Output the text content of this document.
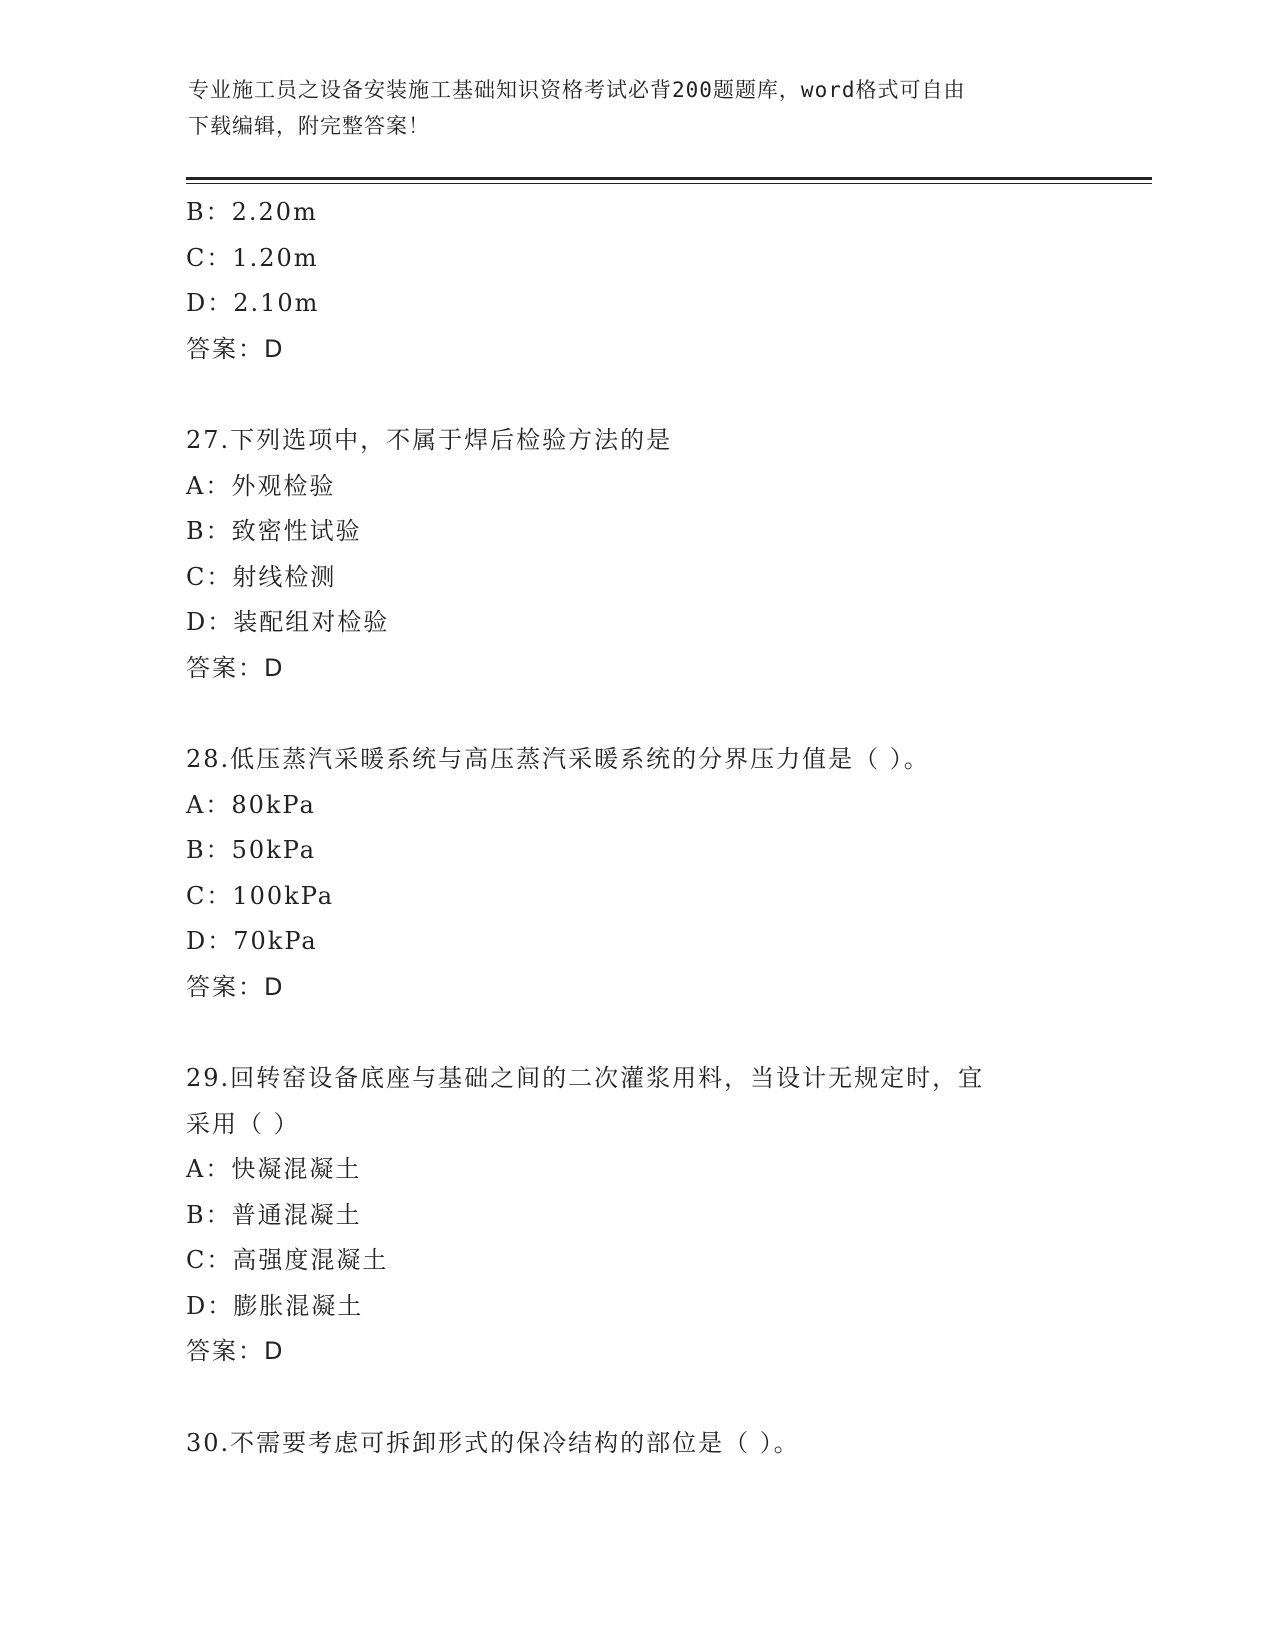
专业施工员之设备安装施工基础知识资格考试必背200题题库，word格式可自由
下载编辑，附完整答案！
B：2.20m
C：1.20m
D：2.10m
答案：D
27.下列选项中，不属于焊后检验方法的是
A：外观检验
B：致密性试验
C：射线检测
D：装配组对检验
答案：D
28.低压蒸汽采暖系统与高压蒸汽采暖系统的分界压力值是（ ）。
A：80kPa
B：50kPa
C：100kPa
D：70kPa
答案：D
29.回转窑设备底座与基础之间的二次灌浆用料，当设计无规定时，宜
采用（ ）
A：快凝混凝土
B：普通混凝土
C：高强度混凝土
D：膨胀混凝土
答案：D
30.不需要考虑可拆卸形式的保冷结构的部位是（ ）。
